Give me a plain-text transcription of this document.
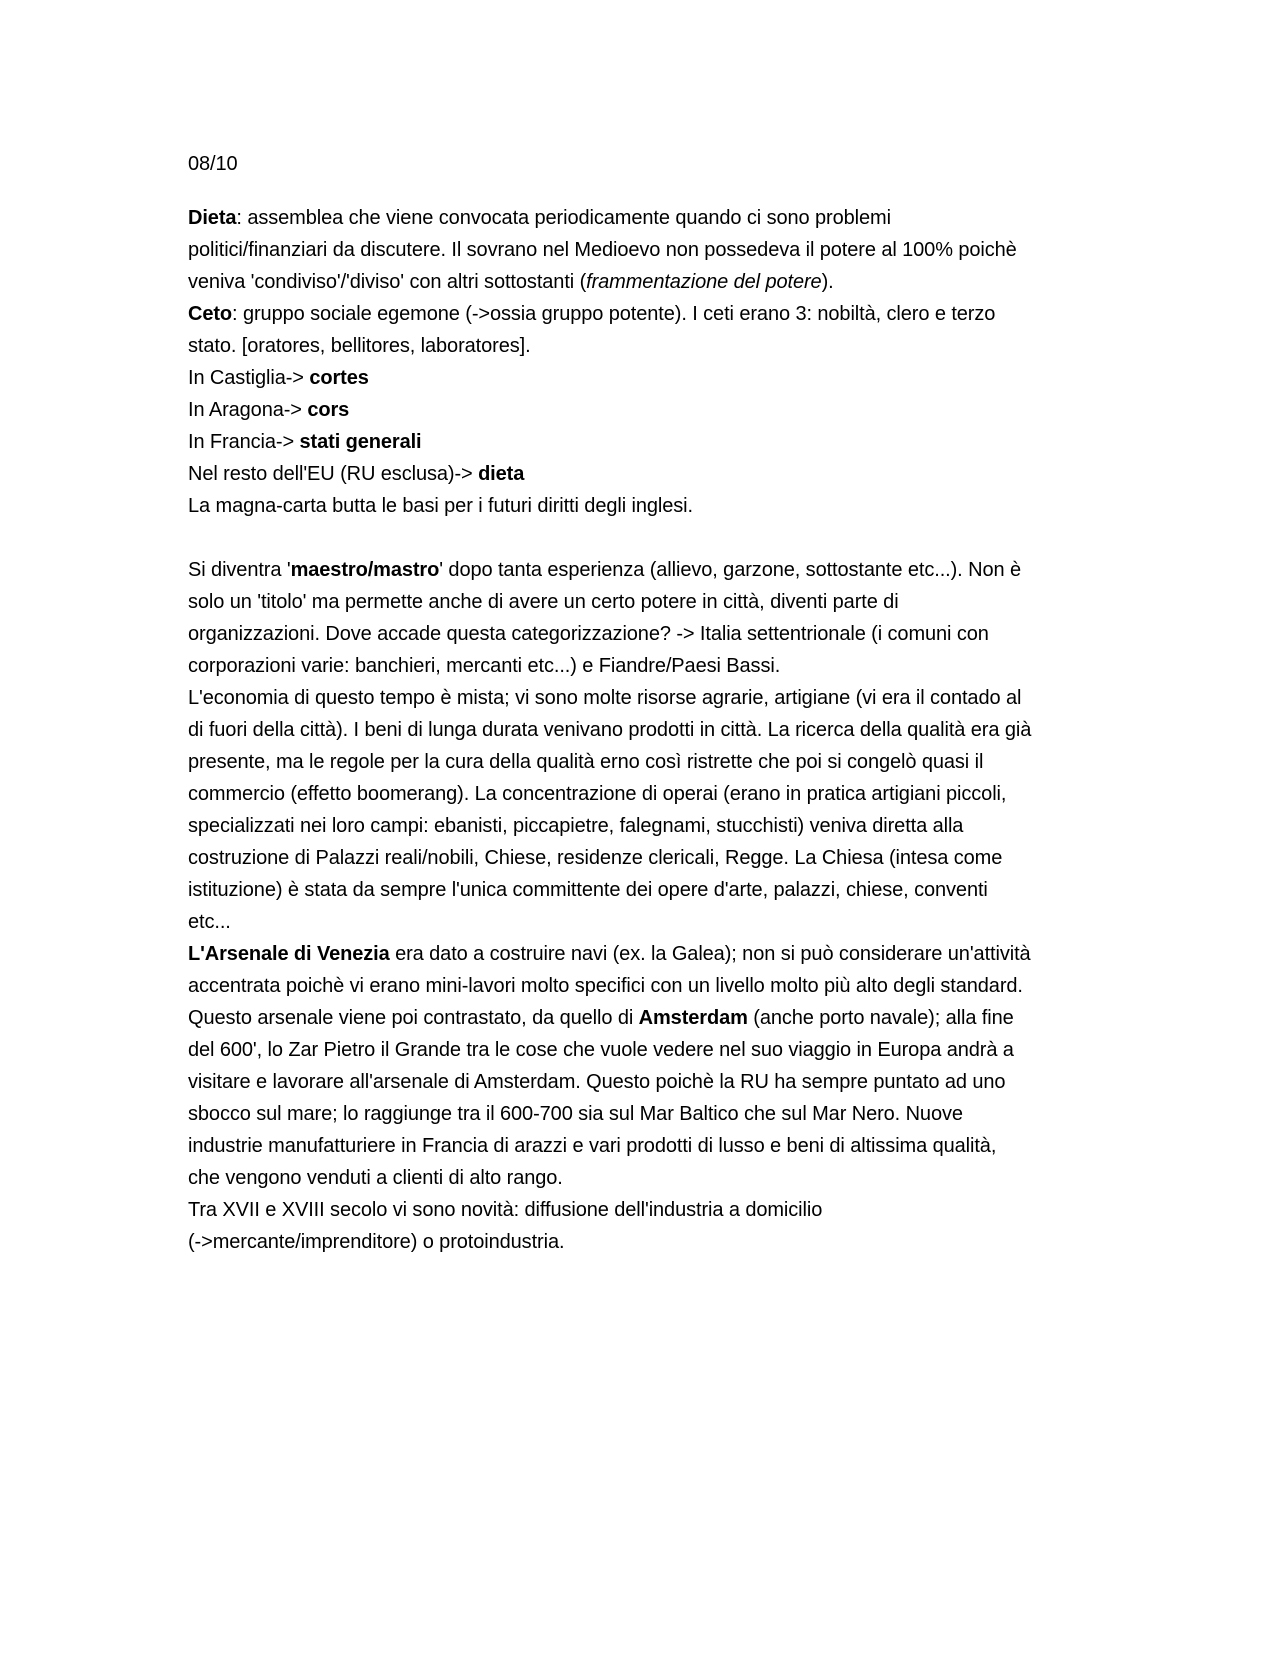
08/10

Dieta: assemblea che viene convocata periodicamente quando ci sono problemi
politici/finanziari da discutere. Il sovrano nel Medioevo non possedeva il potere al 100% poichè
veniva 'condiviso'/'diviso' con altri sottostanti (frammentazione del potere).

Ceto: gruppo sociale egemone (->ossia gruppo potente). I ceti erano 3: nobiltà, clero e terzo
stato. [oratores, bellitores, laboratores].

In Castiglia-> cortes
In Aragona-> cors
In Francia-> stati generali
Nel resto dell'EU (RU esclusa)-> dieta
La magna-carta butta le basi per i futuri diritti degli inglesi.
Si diventra 'maestro/mastro' dopo tanta esperienza (allievo, garzone, sottostante etc...). Non è
solo un 'titolo' ma permette anche di avere un certo potere in città, diventi parte di
organizzazioni. Dove accade questa categorizzazione? -> Italia settentrionale (i comuni con
corporazioni varie: banchieri, mercanti etc...) e Fiandre/Paesi Bassi.
L'economia di questo tempo è mista; vi sono molte risorse agrarie, artigiane (vi era il contado al
di fuori della città). I beni di lunga durata venivano prodotti in città. La ricerca della qualità era già
presente, ma le regole per la cura della qualità erno così ristrette che poi si congelò quasi il
commercio (effetto boomerang). La concentrazione di operai (erano in pratica artigiani piccoli,
specializzati nei loro campi: ebanisti, piccapietre, falegnami, stucchisti) veniva diretta alla
costruzione di Palazzi reali/nobili, Chiese, residenze clericali, Regge. La Chiesa (intesa come
istituzione) è stata da sempre l'unica committente dei opere d'arte, palazzi, chiese, conventi
etc...
L'Arsenale di Venezia era dato a costruire navi (ex. la Galea); non si può considerare un'attività
accentrata poichè vi erano mini-lavori molto specifici con un livello molto più alto degli standard.
Questo arsenale viene poi contrastato, da quello di Amsterdam (anche porto navale); alla fine
del 600', lo Zar Pietro il Grande tra le cose che vuole vedere nel suo viaggio in Europa andrà a
visitare e lavorare all'arsenale di Amsterdam. Questo poichè la RU ha sempre puntato ad uno
sbocco sul mare; lo raggiunge tra il 600-700 sia sul Mar Baltico che sul Mar Nero. Nuove
industrie manufatturiere in Francia di arazzi e vari prodotti di lusso e beni di altissima qualità,
che vengono venduti a clienti di alto rango.
Tra XVII e XVIII secolo vi sono novità: diffusione dell'industria a domicilio
(->mercante/imprenditore) o protoindustria.
